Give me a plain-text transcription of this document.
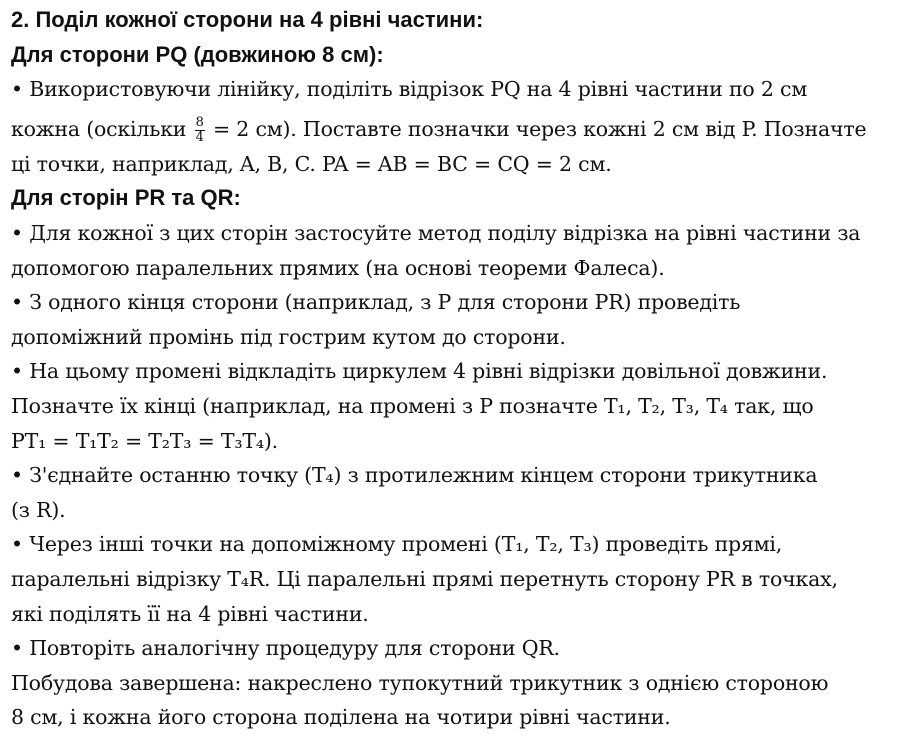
2. Поділ кожної сторони на 4 рівні частини:
Для сторони PQ (довжиною 8 см):
• Використовуючи лінійку, поділіть відрізок PQ на 4 рівні частини по 2 см
кожна (оскільки $\frac{8}{4} = 2$ см). Поставте позначки через кожні 2 см від P. Позначте
ці точки, наприклад, A, B, C. PA = AB = BC = CQ = 2 см.
Для сторін PR та QR:
• Для кожної з цих сторін застосуйте метод поділу відрізка на рівні частини за
допомогою паралельних прямих (на основі теореми Фалеса).
• З одного кінця сторони (наприклад, з P для сторони PR) проведіть
допоміжний промінь під гострим кутом до сторони.
• На цьому промені відкладіть циркулем 4 рівні відрізки довільної довжини.
Позначте їх кінці (наприклад, на промені з P позначте T₁, T₂, T₃, T₄ так, що
PT₁ = T₁T₂ = T₂T₃ = T₃T₄).
• З'єднайте останню точку (T₄) з протилежним кінцем сторони трикутника
(з R).
• Через інші точки на допоміжному промені (T₁, T₂, T₃) проведіть прямі,
паралельні відрізку T₄R. Ці паралельні прямі перетнуть сторону PR в точках,
які поділять її на 4 рівні частини.
• Повторіть аналогічну процедуру для сторони QR.
Побудова завершена: накреслено тупокутний трикутник з однією стороною
8 см, і кожна його сторона поділена на чотири рівні частини.
